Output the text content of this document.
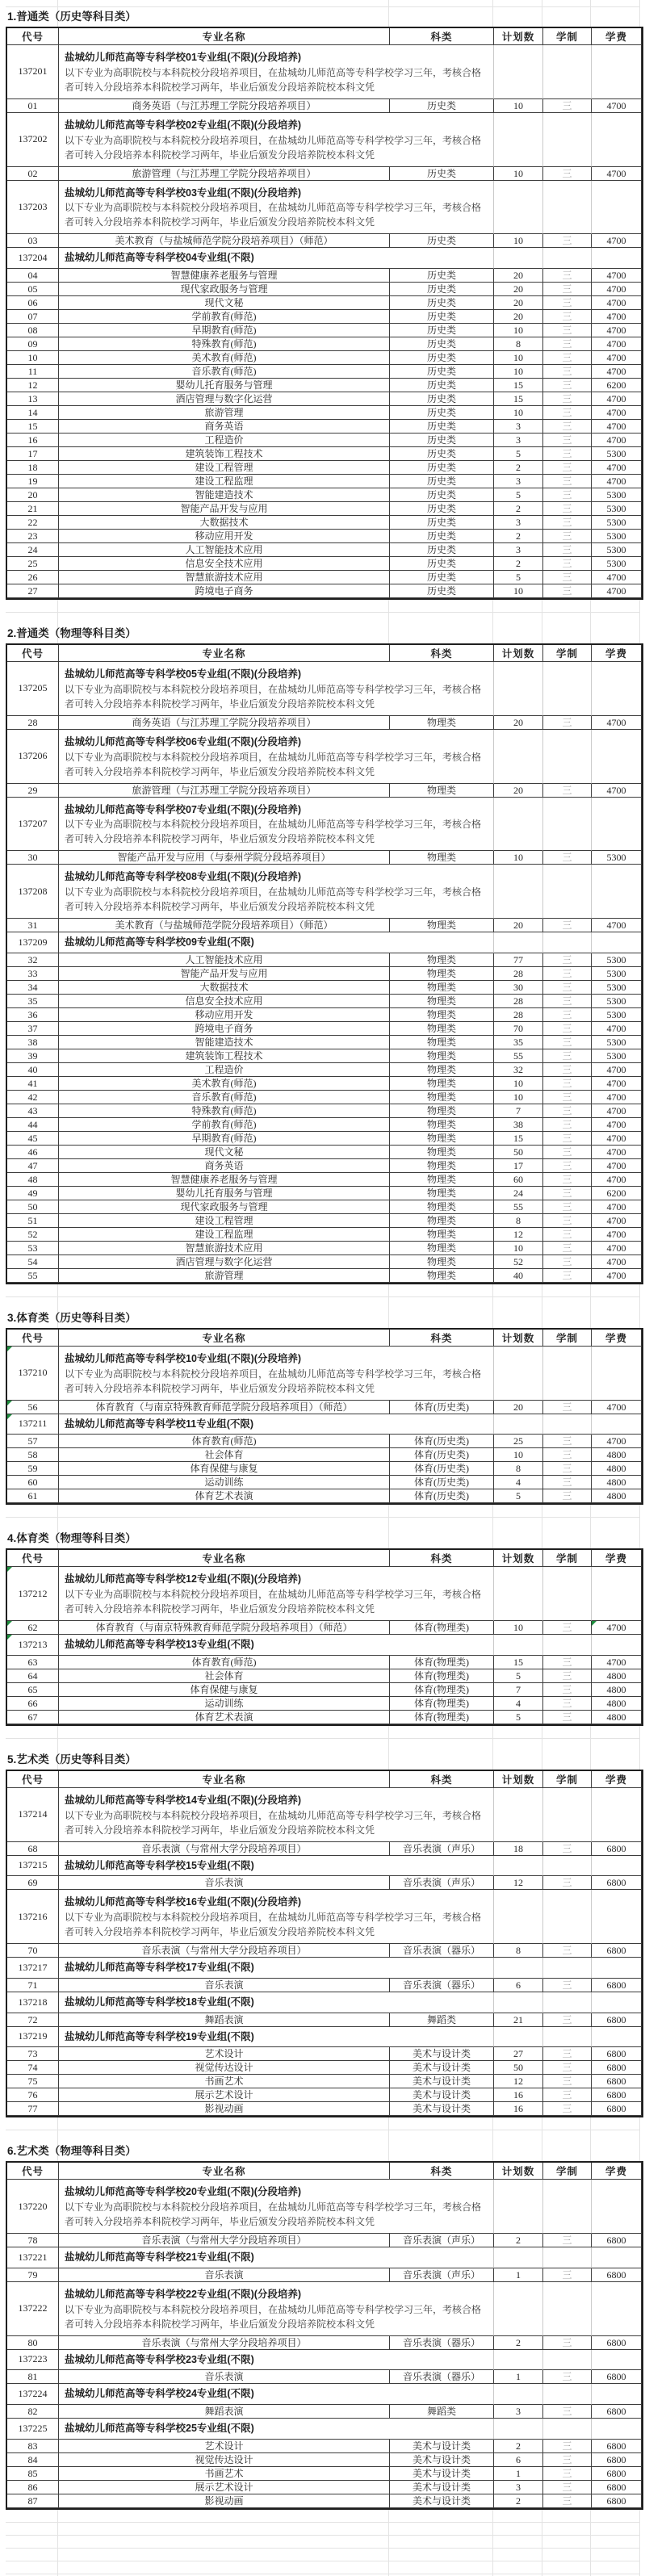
1.普通类（历史等科目类）
代号	专业名称	科类	计划数	学制	学费
137201	盐城幼儿师范高等专科学校01专业组(不限)(分段培养)
以下专业为高职院校与本科院校分段培养项目，在盐城幼儿师范高等专科学校学习三年，考核合格者可转入分段培养本科院校学习两年，毕业后颁发分段培养院校本科文凭				

01	商务英语（与江苏理工学院分段培养项目）	历史类	10	三	4700
137202	盐城幼儿师范高等专科学校02专业组(不限)(分段培养)
以下专业为高职院校与本科院校分段培养项目，在盐城幼儿师范高等专科学校学习三年，考核合格者可转入分段培养本科院校学习两年，毕业后颁发分段培养院校本科文凭				

02	旅游管理（与江苏理工学院分段培养项目）	历史类	10	三	4700
137203	盐城幼儿师范高等专科学校03专业组(不限)(分段培养)
以下专业为高职院校与本科院校分段培养项目，在盐城幼儿师范高等专科学校学习三年，考核合格者可转入分段培养本科院校学习两年，毕业后颁发分段培养院校本科文凭				

03	美术教育（与盐城师范学院分段培养项目）（师范）	历史类	10	三	4700
137204	盐城幼儿师范高等专科学校04专业组(不限)				

04	智慧健康养老服务与管理	历史类	20	三	4700
05	现代家政服务与管理	历史类	20	三	4700
06	现代文秘	历史类	20	三	4700
07	学前教育(师范)	历史类	20	三	4700
08	早期教育(师范)	历史类	10	三	4700
09	特殊教育(师范)	历史类	8	三	4700
10	美术教育(师范)	历史类	10	三	4700
11	音乐教育(师范)	历史类	10	三	4700
12	婴幼儿托育服务与管理	历史类	15	三	6200
13	酒店管理与数字化运营	历史类	15	三	4700
14	旅游管理	历史类	10	三	4700
15	商务英语	历史类	3	三	4700
16	工程造价	历史类	3	三	4700
17	建筑装饰工程技术	历史类	5	三	5300
18	建设工程管理	历史类	2	三	4700
19	建设工程监理	历史类	3	三	4700
20	智能建造技术	历史类	5	三	5300
21	智能产品开发与应用	历史类	2	三	5300
22	大数据技术	历史类	3	三	5300
23	移动应用开发	历史类	2	三	5300
24	人工智能技术应用	历史类	3	三	5300
25	信息安全技术应用	历史类	2	三	5300
26	智慧旅游技术应用	历史类	5	三	4700
27	跨境电子商务	历史类	10	三	4700
2.普通类（物理等科目类）
代号	专业名称	科类	计划数	学制	学费
137205	盐城幼儿师范高等专科学校05专业组(不限)(分段培养)
以下专业为高职院校与本科院校分段培养项目，在盐城幼儿师范高等专科学校学习三年，考核合格者可转入分段培养本科院校学习两年，毕业后颁发分段培养院校本科文凭				

28	商务英语（与江苏理工学院分段培养项目）	物理类	20	三	4700
137206	盐城幼儿师范高等专科学校06专业组(不限)(分段培养)
以下专业为高职院校与本科院校分段培养项目，在盐城幼儿师范高等专科学校学习三年，考核合格者可转入分段培养本科院校学习两年，毕业后颁发分段培养院校本科文凭				

29	旅游管理（与江苏理工学院分段培养项目）	物理类	20	三	4700
137207	盐城幼儿师范高等专科学校07专业组(不限)(分段培养)
以下专业为高职院校与本科院校分段培养项目，在盐城幼儿师范高等专科学校学习三年，考核合格者可转入分段培养本科院校学习两年，毕业后颁发分段培养院校本科文凭				

30	智能产品开发与应用（与泰州学院分段培养项目）	物理类	10	三	5300
137208	盐城幼儿师范高等专科学校08专业组(不限)(分段培养)
以下专业为高职院校与本科院校分段培养项目，在盐城幼儿师范高等专科学校学习三年，考核合格者可转入分段培养本科院校学习两年，毕业后颁发分段培养院校本科文凭				

31	美术教育（与盐城师范学院分段培养项目）（师范）	物理类	20	三	4700
137209	盐城幼儿师范高等专科学校09专业组(不限)				

32	人工智能技术应用	物理类	77	三	5300
33	智能产品开发与应用	物理类	28	三	5300
34	大数据技术	物理类	30	三	5300
35	信息安全技术应用	物理类	28	三	5300
36	移动应用开发	物理类	28	三	5300
37	跨境电子商务	物理类	70	三	4700
38	智能建造技术	物理类	35	三	5300
39	建筑装饰工程技术	物理类	55	三	5300
40	工程造价	物理类	32	三	4700
41	美术教育(师范)	物理类	10	三	4700
42	音乐教育(师范)	物理类	10	三	4700
43	特殊教育(师范)	物理类	7	三	4700
44	学前教育(师范)	物理类	38	三	4700
45	早期教育(师范)	物理类	15	三	4700
46	现代文秘	物理类	50	三	4700
47	商务英语	物理类	17	三	4700
48	智慧健康养老服务与管理	物理类	60	三	4700
49	婴幼儿托育服务与管理	物理类	24	三	6200
50	现代家政服务与管理	物理类	55	三	4700
51	建设工程管理	物理类	8	三	4700
52	建设工程监理	物理类	12	三	4700
53	智慧旅游技术应用	物理类	10	三	4700
54	酒店管理与数字化运营	物理类	52	三	4700
55	旅游管理	物理类	40	三	4700
3.体育类（历史等科目类）
代号	专业名称	科类	计划数	学制	学费
137210	盐城幼儿师范高等专科学校10专业组(不限)(分段培养)
以下专业为高职院校与本科院校分段培养项目，在盐城幼儿师范高等专科学校学习三年，考核合格者可转入分段培养本科院校学习两年，毕业后颁发分段培养院校本科文凭				

56	体育教育（与南京特殊教育师范学院分段培养项目）（师范）	体育(历史类)	20	三	4700
137211	盐城幼儿师范高等专科学校11专业组(不限)				

57	体育教育(师范)	体育(历史类)	25	三	4700
58	社会体育	体育(历史类)	10	三	4800
59	体育保健与康复	体育(历史类)	8	三	4800
60	运动训练	体育(历史类)	4	三	4800
61	体育艺术表演	体育(历史类)	5	三	4800
4.体育类（物理等科目类）
代号	专业名称	科类	计划数	学制	学费
137212	盐城幼儿师范高等专科学校12专业组(不限)(分段培养)
以下专业为高职院校与本科院校分段培养项目，在盐城幼儿师范高等专科学校学习三年，考核合格者可转入分段培养本科院校学习两年，毕业后颁发分段培养院校本科文凭				

62	体育教育（与南京特殊教育师范学院分段培养项目）（师范）	体育(物理类)	10	三	4700
137213	盐城幼儿师范高等专科学校13专业组(不限)				

63	体育教育(师范)	体育(物理类)	15	三	4700
64	社会体育	体育(物理类)	5	三	4800
65	体育保健与康复	体育(物理类)	7	三	4800
66	运动训练	体育(物理类)	4	三	4800
67	体育艺术表演	体育(物理类)	5	三	4800
5.艺术类（历史等科目类）
代号	专业名称	科类	计划数	学制	学费
137214	盐城幼儿师范高等专科学校14专业组(不限)(分段培养)
以下专业为高职院校与本科院校分段培养项目，在盐城幼儿师范高等专科学校学习三年，考核合格者可转入分段培养本科院校学习两年，毕业后颁发分段培养院校本科文凭				

68	音乐表演（与常州大学分段培养项目）	音乐表演（声乐）	18	三	6800
137215	盐城幼儿师范高等专科学校15专业组(不限)				

69	音乐表演	音乐表演（声乐）	12	三	6800
137216	盐城幼儿师范高等专科学校16专业组(不限)(分段培养)
以下专业为高职院校与本科院校分段培养项目，在盐城幼儿师范高等专科学校学习三年，考核合格者可转入分段培养本科院校学习两年，毕业后颁发分段培养院校本科文凭				

70	音乐表演（与常州大学分段培养项目）	音乐表演（器乐）	8	三	6800
137217	盐城幼儿师范高等专科学校17专业组(不限)				

71	音乐表演	音乐表演（器乐）	6	三	6800
137218	盐城幼儿师范高等专科学校18专业组(不限)				

72	舞蹈表演	舞蹈类	21	三	6800
137219	盐城幼儿师范高等专科学校19专业组(不限)				

73	艺术设计	美术与设计类	27	三	6800
74	视觉传达设计	美术与设计类	50	三	6800
75	书画艺术	美术与设计类	12	三	6800
76	展示艺术设计	美术与设计类	16	三	6800
77	影视动画	美术与设计类	16	三	6800
6.艺术类（物理等科目类）
代号	专业名称	科类	计划数	学制	学费
137220	盐城幼儿师范高等专科学校20专业组(不限)(分段培养)
以下专业为高职院校与本科院校分段培养项目，在盐城幼儿师范高等专科学校学习三年，考核合格者可转入分段培养本科院校学习两年，毕业后颁发分段培养院校本科文凭				

78	音乐表演（与常州大学分段培养项目）	音乐表演（声乐）	2	三	6800
137221	盐城幼儿师范高等专科学校21专业组(不限)				

79	音乐表演	音乐表演（声乐）	1	三	6800
137222	盐城幼儿师范高等专科学校22专业组(不限)(分段培养)
以下专业为高职院校与本科院校分段培养项目，在盐城幼儿师范高等专科学校学习三年，考核合格者可转入分段培养本科院校学习两年，毕业后颁发分段培养院校本科文凭				

80	音乐表演（与常州大学分段培养项目）	音乐表演（器乐）	2	三	6800
137223	盐城幼儿师范高等专科学校23专业组(不限)				

81	音乐表演	音乐表演（器乐）	1	三	6800
137224	盐城幼儿师范高等专科学校24专业组(不限)				

82	舞蹈表演	舞蹈类	3	三	6800
137225	盐城幼儿师范高等专科学校25专业组(不限)				

83	艺术设计	美术与设计类	2	三	6800
84	视觉传达设计	美术与设计类	6	三	6800
85	书画艺术	美术与设计类	1	三	6800
86	展示艺术设计	美术与设计类	3	三	6800
87	影视动画	美术与设计类	2	三	6800
